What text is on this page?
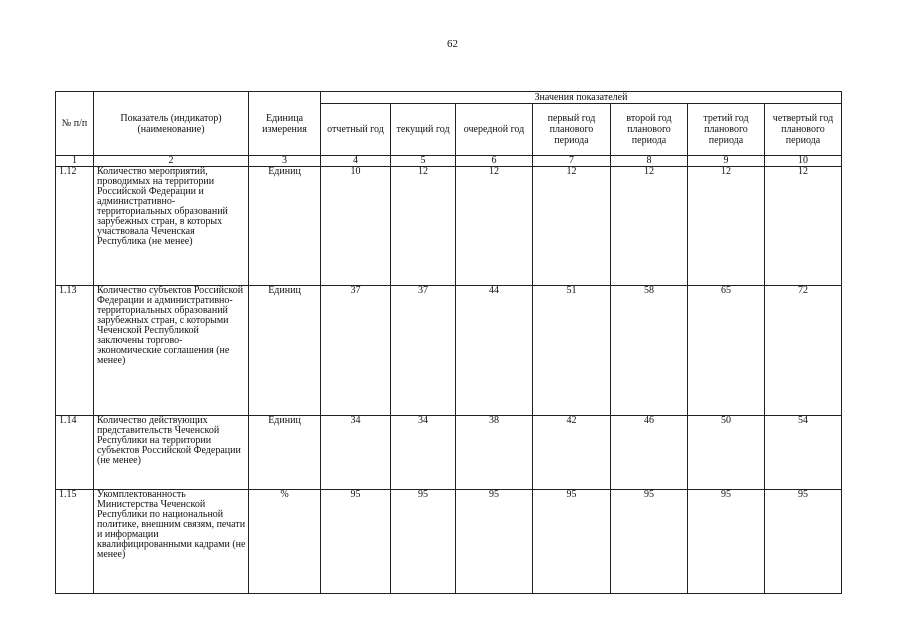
62
№ п/п	Показатель (индикатор) (наименование)	Единица измерения	Значения показателей						
			отчетный год	текущий год	очередной год	первый год планового периода	второй год планового периода	третий год планового периода	четвертый год планового периода
1	2	3	4	5	6	7	8	9	10
1.12	Количество мероприятий, проводимых на территории Российской Федерации и административно-территориальных образований зарубежных стран, в которых участвовала Чеченская Республика (не менее)	Единиц	10	12	12	12	12	12	12
1.13	Количество субъектов Российской Федерации и административно-территориальных образований зарубежных стран, с которыми Чеченской Республикой заключены торгово-экономические соглашения (не менее)	Единиц	37	37	44	51	58	65	72
1.14	Количество действующих представительств Чеченской Республики на территории субъектов Российской Федерации (не менее)	Единиц	34	34	38	42	46	50	54
1.15	Укомплектованность Министерства Чеченской Республики по национальной политике, внешним связям, печати и информации квалифицированными кадрами (не менее)	%	95	95	95	95	95	95	95
